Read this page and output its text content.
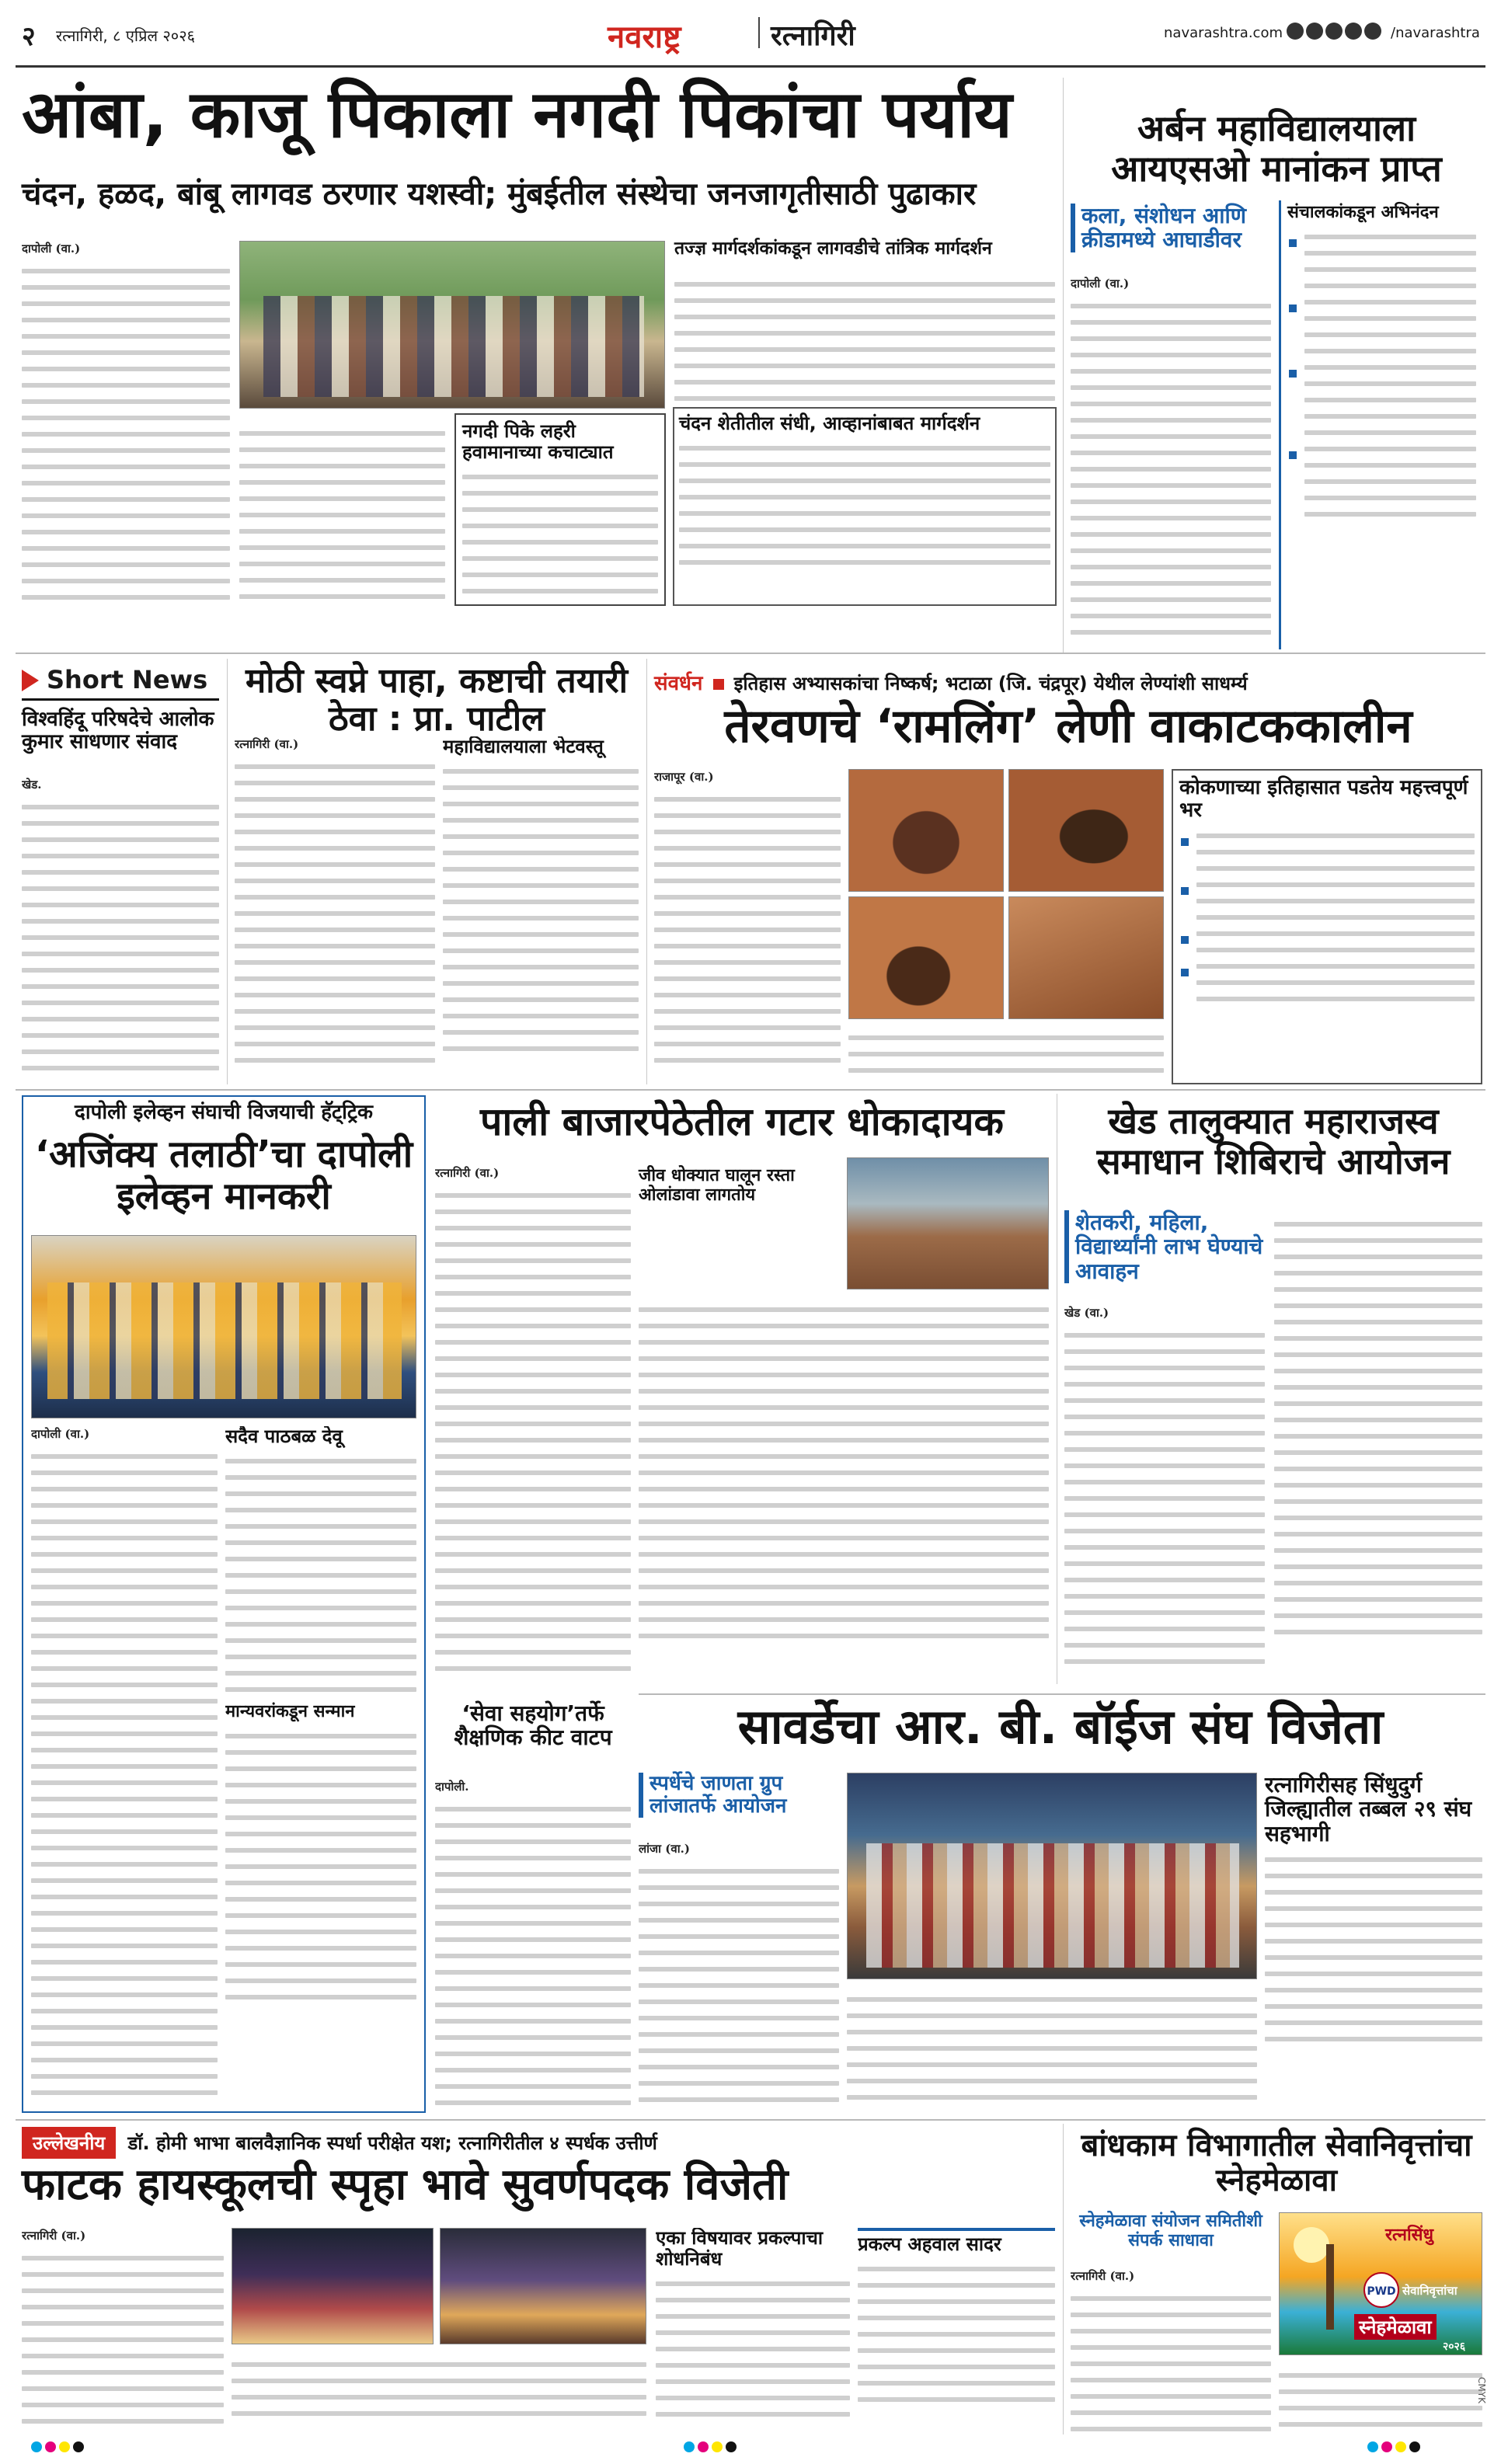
२ रत्नागिरी, ८ एप्रिल २०२६	नवराष्ट्र	रत्नागिरी	navarashtra.com	/navarashtra
आंबा, काजू पिकाला नगदी पिकांचा पर्याय
चंदन, हळद, बांबू लागवड ठरणार यशस्वी; मुंबईतील संस्थेचा जनजागृतीसाठी पुढाकार
दापोली (वा.)
नगदी पिके लहरी हवामानाच्या कचाट्यात
तज्ज्ञ मार्गदर्शकांकडून लागवडीचे तांत्रिक मार्गदर्शन
चंदन शेतीतील संधी, आव्हानांबाबत मार्गदर्शन
अर्बन महाविद्यालयाला आयएसओ मानांकन प्राप्त
कला, संशोधन आणि क्रीडामध्ये आघाडीवर
दापोली (वा.)
संचालकांकडून अभिनंदन
Short News
विश्वहिंदू परिषदेचे आलोक कुमार साधणार संवाद
खेड.
मोठी स्वप्ने पाहा, कष्टाची तयारी ठेवा : प्रा. पाटील
रत्नागिरी (वा.)	महाविद्यालयाला भेटवस्तू
संवर्धन इतिहास अभ्यासकांचा निष्कर्ष; भटाळा (जि. चंद्रपूर) येथील लेण्यांशी साधर्म्य
तेरवणचे ‘रामलिंग’ लेणी वाकाटककालीन
राजापूर (वा.)	कोकणाच्या इतिहासात पडतेय महत्त्वपूर्ण भर
दापोली इलेव्हन संघाची विजयाची हॅट्ट्रिक
‘अजिंक्य तलाठी’चा दापोली इलेव्हन मानकरी
दापोली (वा.)	सदैव पाठबळ देवू
मान्यवरांकडून सन्मान
पाली बाजारपेठेतील गटार धोकादायक
रत्नागिरी (वा.)	जीव धोक्यात घालून रस्ता ओलांडावा लागतोय
‘सेवा सहयोग’तर्फे शैक्षणिक कीट वाटप
दापोली.
खेड तालुक्यात महाराजस्व समाधान शिबिराचे आयोजन
शेतकरी, महिला, विद्यार्थ्यांनी लाभ घेण्याचे आवाहन
खेड (वा.)
सावर्डेचा आर. बी. बॉईज संघ विजेता
स्पर्धेचे जाणता ग्रुप लांजातर्फे आयोजन
लांजा (वा.)
रत्नागिरीसह सिंधुदुर्ग जिल्ह्यातील तब्बल २९ संघ सहभागी
उल्लेखनीय डॉ. होमी भाभा बालवैज्ञानिक स्पर्धा परीक्षेत यश; रत्नागिरीतील ४ स्पर्धक उत्तीर्ण
फाटक हायस्कूलची स्पृहा भावे सुवर्णपदक विजेती
रत्नागिरी (वा.)	एका विषयावर प्रकल्पाचा शोधनिबंध
प्रकल्प अहवाल सादर
बांधकाम विभागातील सेवानिवृत्तांचा स्नेहमेळावा
स्नेहमेळावा संयोजन समितीशी संपर्क साधावा
रत्नागिरी (वा.)
रत्नसिंधु
PWD सेवानिवृत्तांचा
स्नेहमेळावा
२०२६
CMYK
